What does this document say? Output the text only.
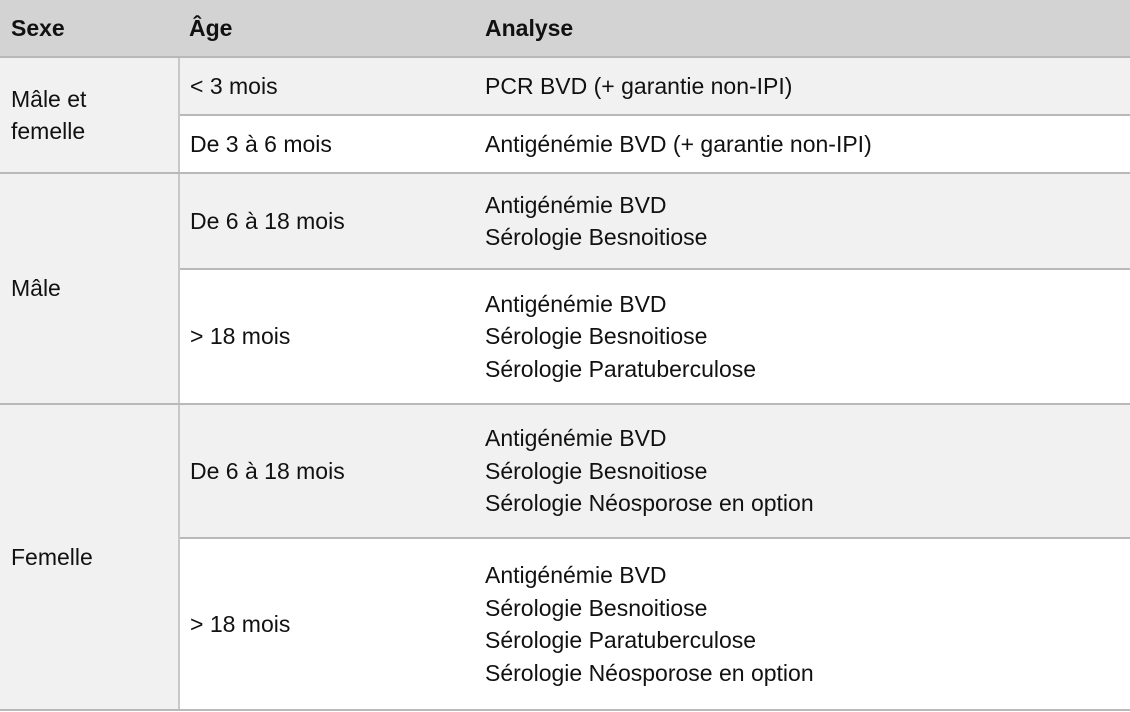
Sexe	Âge	Analyse

Mâle et
femelle	< 3 mois	PCR BVD (+ garantie non-IPI)

	De 3 à 6 mois	Antigénémie BVD (+ garantie non-IPI)

Mâle	De 6 à 18 mois	Antigénémie BVD
Sérologie Besnoitiose

	> 18 mois	Antigénémie BVD
Sérologie Besnoitiose
Sérologie Paratuberculose

Femelle	De 6 à 18 mois	Antigénémie BVD
Sérologie Besnoitiose
Sérologie Néosporose en option

	> 18 mois	Antigénémie BVD
Sérologie Besnoitiose
Sérologie Paratuberculose
Sérologie Néosporose en option
